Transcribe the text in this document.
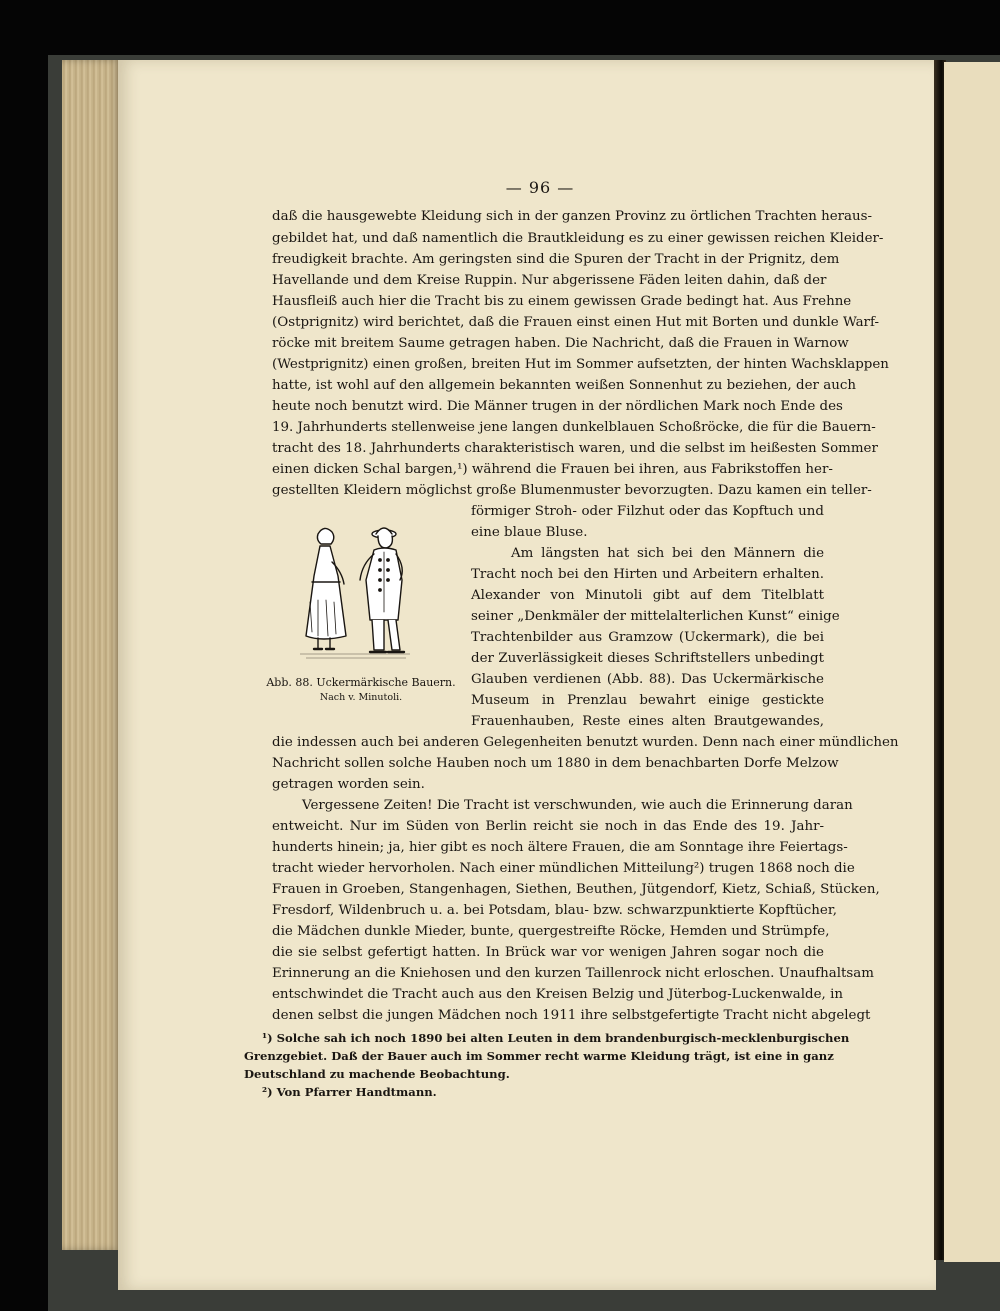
— 96 —
daß die hausgewebte Kleidung sich in der ganzen Provinz zu örtlichen Trachten heraus-
gebildet hat, und daß namentlich die Brautkleidung es zu einer gewissen reichen Kleider-
freudigkeit brachte. Am geringsten sind die Spuren der Tracht in der Prignitz, dem
Havellande und dem Kreise Ruppin. Nur abgerissene Fäden leiten dahin, daß der
Hausfleiß auch hier die Tracht bis zu einem gewissen Grade bedingt hat. Aus Frehne
(Ostprignitz) wird berichtet, daß die Frauen einst einen Hut mit Borten und dunkle Warf-
röcke mit breitem Saume getragen haben. Die Nachricht, daß die Frauen in Warnow
(Westprignitz) einen großen, breiten Hut im Sommer aufsetzten, der hinten Wachsklappen
hatte, ist wohl auf den allgemein bekannten weißen Sonnenhut zu beziehen, der auch
heute noch benutzt wird. Die Männer trugen in der nördlichen Mark noch Ende des
19. Jahrhunderts stellenweise jene langen dunkelblauen Schoßröcke, die für die Bauern-
tracht des 18. Jahrhunderts charakteristisch waren, und die selbst im heißesten Sommer
einen dicken Schal bargen,¹) während die Frauen bei ihren, aus Fabrikstoffen her-
gestellten Kleidern möglichst große Blumenmuster bevorzugten. Dazu kamen ein teller-
Abb. 88. Uckermärkische Bauern.
Nach v. Minutoli.
förmiger Stroh- oder Filzhut oder das Kopftuch und
eine blaue Bluse.
Am längsten hat sich bei den Männern die
Tracht noch bei den Hirten und Arbeitern erhalten.
Alexander von Minutoli gibt auf dem Titelblatt
seiner „Denkmäler der mittelalterlichen Kunst“ einige
Trachtenbilder aus Gramzow (Uckermark), die bei
der Zuverlässigkeit dieses Schriftstellers unbedingt
Glauben verdienen (Abb. 88). Das Uckermärkische
Museum in Prenzlau bewahrt einige gestickte
Frauenhauben, Reste eines alten Brautgewandes,
die indessen auch bei anderen Gelegenheiten benutzt wurden. Denn nach einer mündlichen
Nachricht sollen solche Hauben noch um 1880 in dem benachbarten Dorfe Melzow
getragen worden sein.
Vergessene Zeiten! Die Tracht ist verschwunden, wie auch die Erinnerung daran
entweicht. Nur im Süden von Berlin reicht sie noch in das Ende des 19. Jahr-
hunderts hinein; ja, hier gibt es noch ältere Frauen, die am Sonntage ihre Feiertags-
tracht wieder hervorholen. Nach einer mündlichen Mitteilung²) trugen 1868 noch die
Frauen in Groeben, Stangenhagen, Siethen, Beuthen, Jütgendorf, Kietz, Schiaß, Stücken,
Fresdorf, Wildenbruch u. a. bei Potsdam, blau- bzw. schwarzpunktierte Kopftücher,
die Mädchen dunkle Mieder, bunte, quergestreifte Röcke, Hemden und Strümpfe,
die sie selbst gefertigt hatten. In Brück war vor wenigen Jahren sogar noch die
Erinnerung an die Kniehosen und den kurzen Taillenrock nicht erloschen. Unaufhaltsam
entschwindet die Tracht auch aus den Kreisen Belzig und Jüterbog-Luckenwalde, in
denen selbst die jungen Mädchen noch 1911 ihre selbstgefertigte Tracht nicht abgelegt
¹) Solche sah ich noch 1890 bei alten Leuten in dem brandenburgisch-mecklenburgischen
Grenzgebiet. Daß der Bauer auch im Sommer recht warme Kleidung trägt, ist eine in ganz
Deutschland zu machende Beobachtung.
²) Von Pfarrer Handtmann.
